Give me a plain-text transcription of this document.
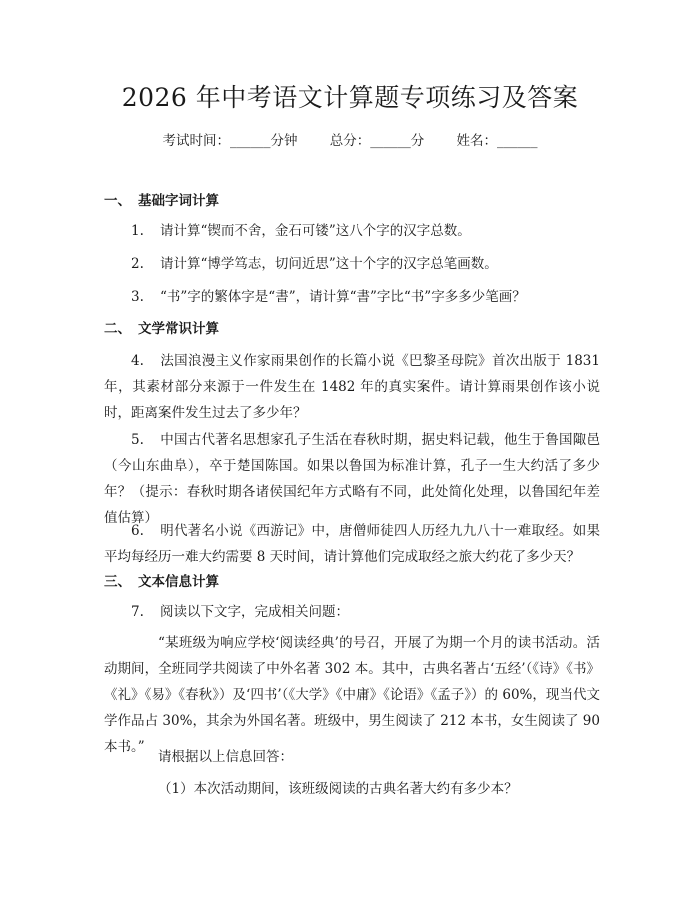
2026 年中考语文计算题专项练习及答案
考试时间：______分钟 总分：______分 姓名：______
一、 基础字词计算
1. 请计算“锲而不舍，金石可镂”这八个字的汉字总数。
2. 请计算“博学笃志，切问近思”这十个字的汉字总笔画数。
3. “书”字的繁体字是“書”，请计算“書”字比“书”字多多少笔画？
二、 文学常识计算
4. 法国浪漫主义作家雨果创作的长篇小说《巴黎圣母院》首次出版于 1831 年，其素材部分来源于一件发生在 1482 年的真实案件。请计算雨果创作该小说时，距离案件发生过去了多少年？
5. 中国古代著名思想家孔子生活在春秋时期，据史料记载，他生于鲁国陬邑（今山东曲阜），卒于楚国陈国。如果以鲁国为标准计算，孔子一生大约活了多少年？（提示：春秋时期各诸侯国纪年方式略有不同，此处简化处理，以鲁国纪年差值估算）
6. 明代著名小说《西游记》中，唐僧师徒四人历经九九八十一难取经。如果平均每经历一难大约需要 8 天时间，请计算他们完成取经之旅大约花了多少天？
三、 文本信息计算
7. 阅读以下文字，完成相关问题：
“某班级为响应学校‘阅读经典’的号召，开展了为期一个月的读书活动。活动期间，全班同学共阅读了中外名著 302 本。其中，古典名著占‘五经’（《诗》《书》《礼》《易》《春秋》）及‘四书’（《大学》《中庸》《论语》《孟子》）的 60%，现当代文学作品占 30%，其余为外国名著。班级中，男生阅读了 212 本书，女生阅读了 90 本书。”
请根据以上信息回答：
（1）本次活动期间，该班级阅读的古典名著大约有多少本？
